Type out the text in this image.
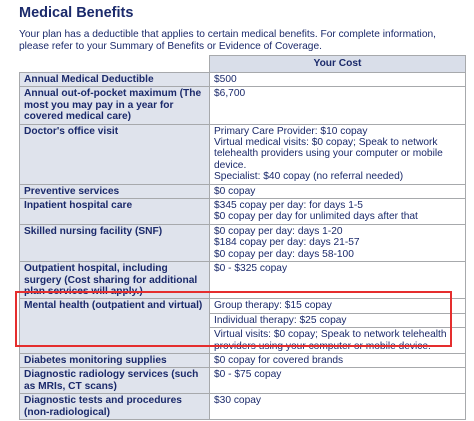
Medical Benefits

Your plan has a deductible that applies to certain medical benefits. For complete information, please refer to your Summary of Benefits or Evidence of Coverage.

	Your Cost
Annual Medical Deductible	$500

Annual out-of-pocket maximum (The most you may pay in a year for covered medical care)	$6,700

Doctor's office visit	Primary Care Provider: $10 copay
Virtual medical visits: $0 copay; Speak to network telehealth providers using your computer or mobile device.
Specialist: $40 copay (no referral needed)

Preventive services	$0 copay

Inpatient hospital care	$345 copay per day: for days 1-5
$0 copay per day for unlimited days after that

Skilled nursing facility (SNF)	$0 copay per day: days 1-20
$184 copay per day: days 21-57
$0 copay per day: days 58-100

Outpatient hospital, including surgery (Cost sharing for additional plan services will apply.)	$0 - $325 copay

Mental health (outpatient and virtual)	Group therapy: $15 copay

	Individual therapy: $25 copay

	Virtual visits: $0 copay; Speak to network telehealth providers using your computer or mobile device.

Diabetes monitoring supplies	$0 copay for covered brands

Diagnostic radiology services (such as MRIs, CT scans)	$0 - $75 copay

Diagnostic tests and procedures (non-radiological)	$30 copay
